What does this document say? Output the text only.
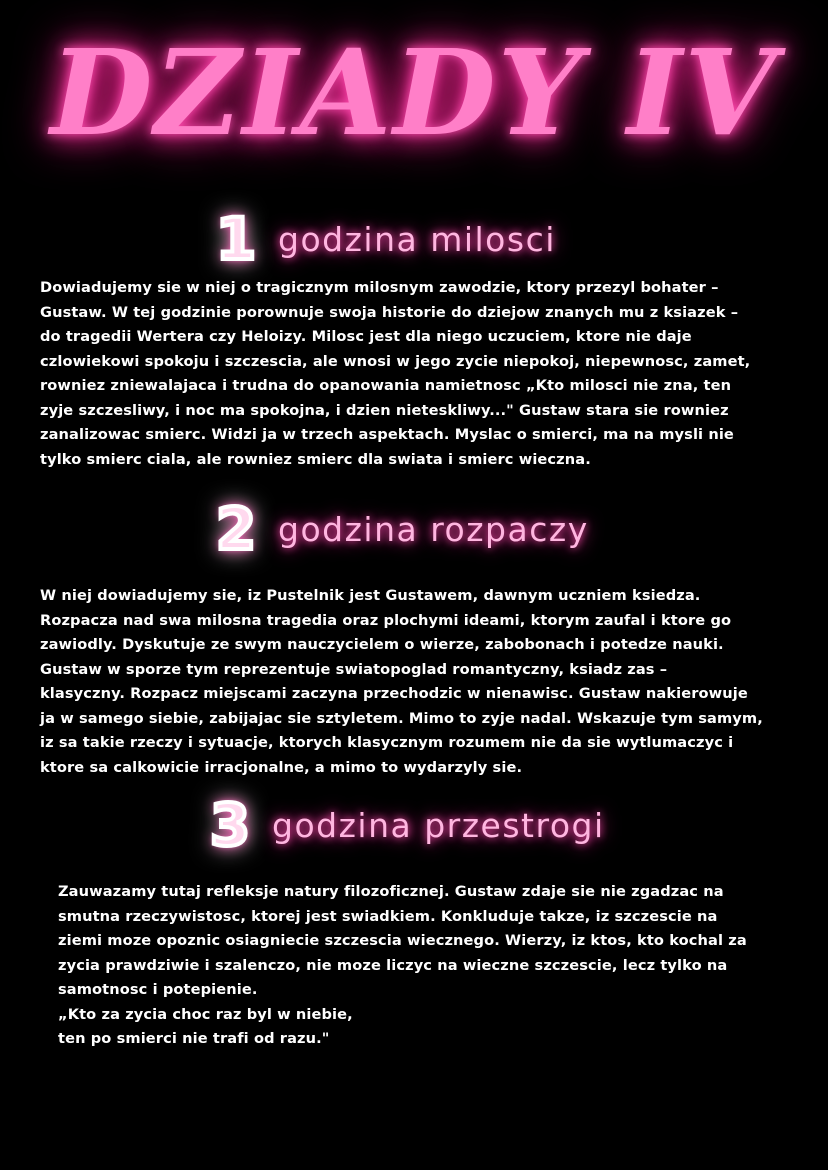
DZIADY IV
1 godzina milosci
Dowiadujemy sie w niej o tragicznym milosnym zawodzie, ktory przezyl bohater –
Gustaw. W tej godzinie porownuje swoja historie do dziejow znanych mu z ksiazek –
do tragedii Wertera czy Heloizy. Milosc jest dla niego uczuciem, ktore nie daje
czlowiekowi spokoju i szczescia, ale wnosi w jego zycie niepokoj, niepewnosc, zamet,
rowniez zniewalajaca i trudna do opanowania namietnosc „Kto milosci nie zna, ten
zyje szczesliwy, i noc ma spokojna, i dzien nieteskliwy..." Gustaw stara sie rowniez
zanalizowac smierc. Widzi ja w trzech aspektach. Myslac o smierci, ma na mysli nie
tylko smierc ciala, ale rowniez smierc dla swiata i smierc wieczna.
2 godzina rozpaczy
W niej dowiadujemy sie, iz Pustelnik jest Gustawem, dawnym uczniem ksiedza.
Rozpacza nad swa milosna tragedia oraz plochymi ideami, ktorym zaufal i ktore go
zawiodly. Dyskutuje ze swym nauczycielem o wierze, zabobonach i potedze nauki.
Gustaw w sporze tym reprezentuje swiatopoglad romantyczny, ksiadz zas –
klasyczny. Rozpacz miejscami zaczyna przechodzic w nienawisc. Gustaw nakierowuje
ja w samego siebie, zabijajac sie sztyletem. Mimo to zyje nadal. Wskazuje tym samym,
iz sa takie rzeczy i sytuacje, ktorych klasycznym rozumem nie da sie wytlumaczyc i
ktore sa calkowicie irracjonalne, a mimo to wydarzyly sie.
3 godzina przestrogi
Zauwazamy tutaj refleksje natury filozoficznej. Gustaw zdaje sie nie zgadzac na
smutna rzeczywistosc, ktorej jest swiadkiem. Konkluduje takze, iz szczescie na
ziemi moze opoznic osiagniecie szczescia wiecznego. Wierzy, iz ktos, kto kochal za
zycia prawdziwie i szalenczo, nie moze liczyc na wieczne szczescie, lecz tylko na
samotnosc i potepienie.
„Kto za zycia choc raz byl w niebie,
ten po smierci nie trafi od razu."
